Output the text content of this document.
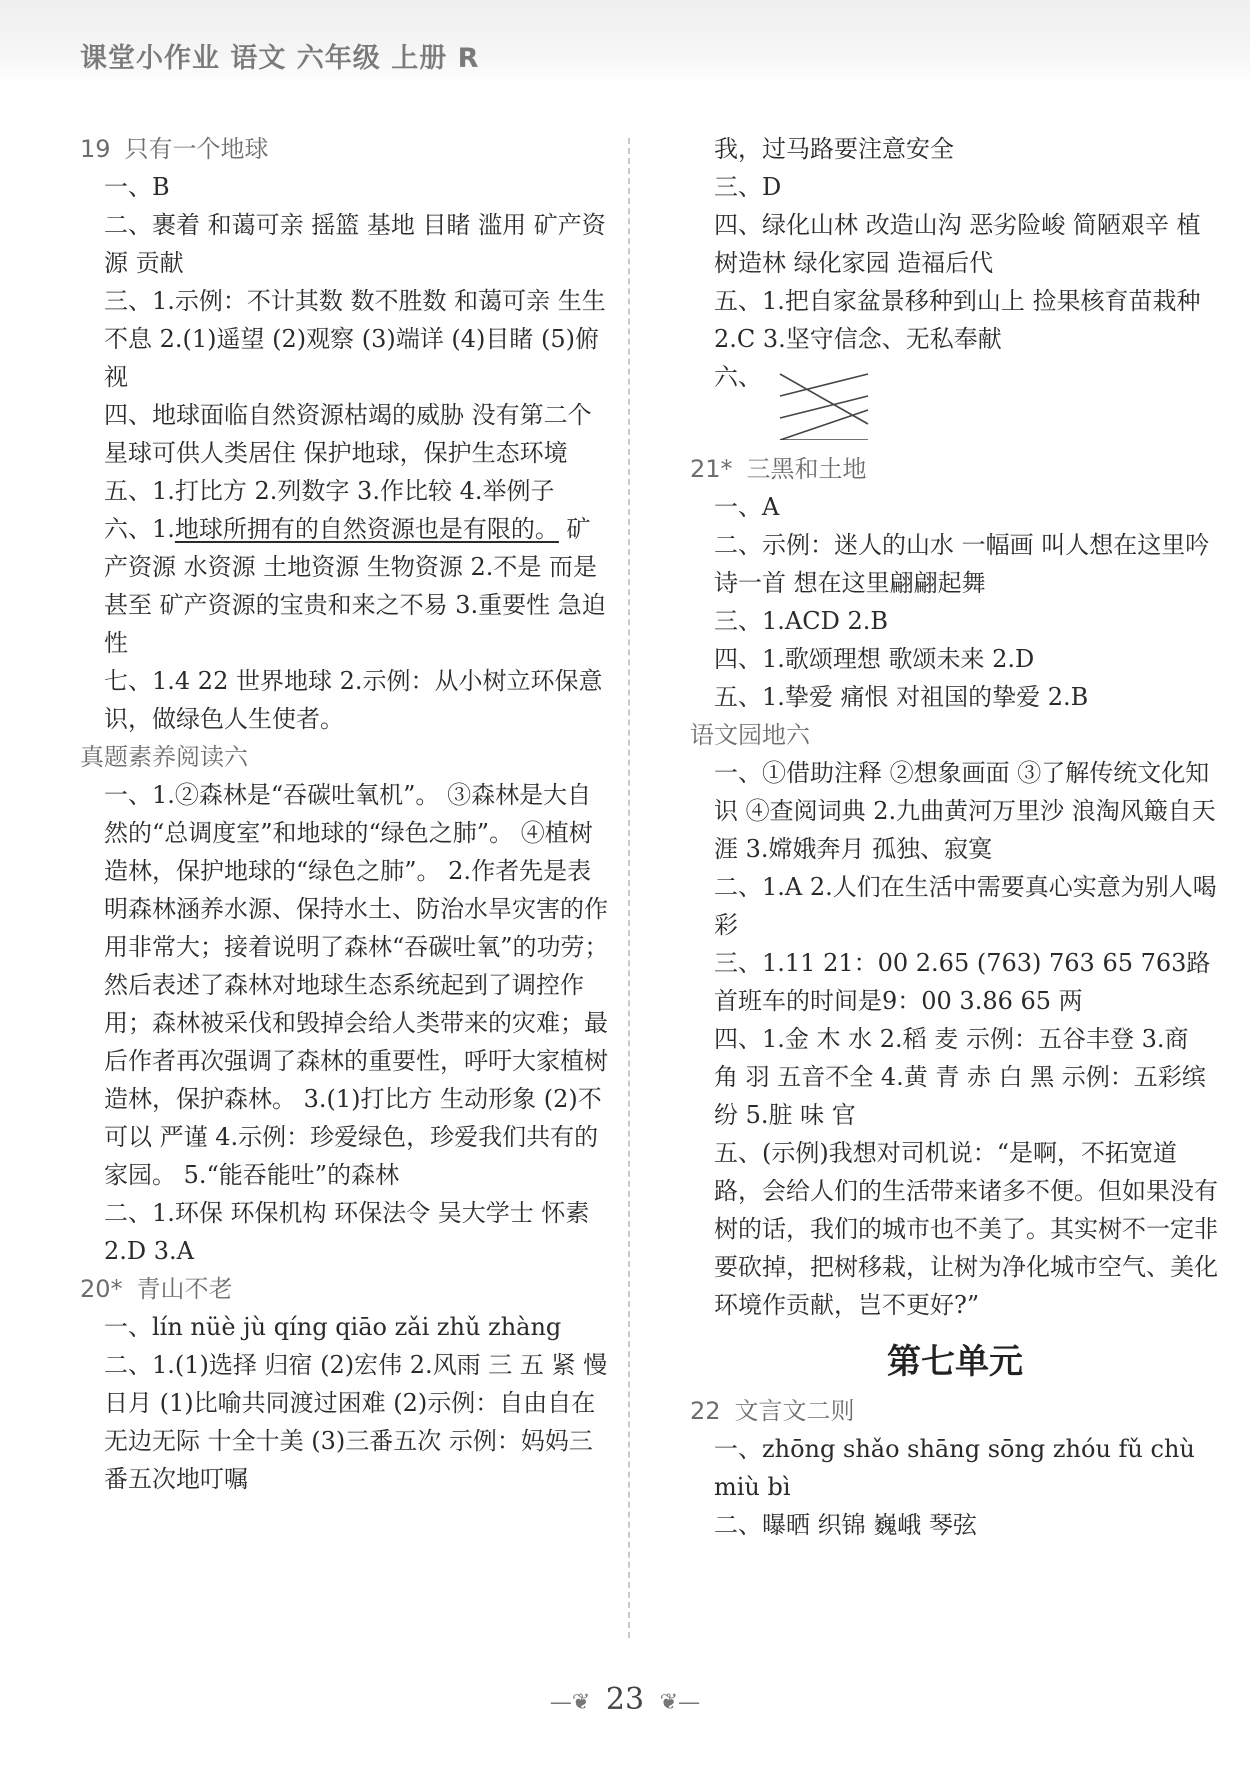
课堂小作业 语文 六年级 上册 R
19 只有一个地球

一、B

二、裹着 和蔼可亲 摇篮 基地 目睹 滥用 矿产资源 贡献

三、1.示例：不计其数 数不胜数 和蔼可亲 生生不息 2.(1)遥望 (2)观察 (3)端详 (4)目睹 (5)俯视

四、地球面临自然资源枯竭的威胁 没有第二个星球可供人类居住 保护地球，保护生态环境

五、1.打比方 2.列数字 3.作比较 4.举例子

六、1.地球所拥有的自然资源也是有限的。 矿产资源 水资源 土地资源 生物资源 2.不是 而是 甚至 矿产资源的宝贵和来之不易 3.重要性 急迫性

七、1.4 22 世界地球 2.示例：从小树立环保意识，做绿色人生使者。

真题素养阅读六

一、1.②森林是“吞碳吐氧机”。 ③森林是大自然的“总调度室”和地球的“绿色之肺”。 ④植树造林，保护地球的“绿色之肺”。 2.作者先是表明森林涵养水源、保持水土、防治水旱灾害的作用非常大；接着说明了森林“吞碳吐氧”的功劳；然后表述了森林对地球生态系统起到了调控作用；森林被采伐和毁掉会给人类带来的灾难；最后作者再次强调了森林的重要性，呼吁大家植树造林，保护森林。 3.(1)打比方 生动形象 (2)不可以 严谨 4.示例：珍爱绿色，珍爱我们共有的家园。 5.“能吞能吐”的森林

二、1.环保 环保机构 环保法令 吴大学士 怀素 2.D 3.A

20* 青山不老

一、lín nüè jù qíng qiāo zǎi zhǔ zhàng

二、1.(1)选择 归宿 (2)宏伟 2.风雨 三 五 紧 慢 日月 (1)比喻共同渡过困难 (2)示例：自由自在 无边无际 十全十美 (3)三番五次 示例：妈妈三番五次地叮嘱

我，过马路要注意安全

三、D

四、绿化山林 改造山沟 恶劣险峻 简陋艰辛 植树造林 绿化家园 造福后代

五、1.把自家盆景移种到山上 捡果核育苗栽种 2.C 3.坚守信念、无私奉献

六、
21* 三黑和土地

一、A

二、示例：迷人的山水 一幅画 叫人想在这里吟诗一首 想在这里翩翩起舞

三、1.ACD 2.B

四、1.歌颂理想 歌颂未来 2.D

五、1.挚爱 痛恨 对祖国的挚爱 2.B

语文园地六

一、①借助注释 ②想象画面 ③了解传统文化知识 ④查阅词典 2.九曲黄河万里沙 浪淘风簸自天涯 3.嫦娥奔月 孤独、寂寞

二、1.A 2.人们在生活中需要真心实意为别人喝彩

三、1.11 21：00 2.65 (763) 763 65 763路首班车的时间是9：00 3.86 65 两

四、1.金 木 水 2.稻 麦 示例：五谷丰登 3.商 角 羽 五音不全 4.黄 青 赤 白 黑 示例：五彩缤纷 5.脏 味 官

五、(示例)我想对司机说：“是啊，不拓宽道路，会给人们的生活带来诸多不便。但如果没有树的话，我们的城市也不美了。其实树不一定非要砍掉，把树移栽，让树为净化城市空气、美化环境作贡献，岂不更好?”

第七单元
22 文言文二则

一、zhōng shǎo shāng sōng zhóu fǔ chù miù bì

二、曝晒 织锦 巍峨 琴弦

—❦ 23 ❦—
